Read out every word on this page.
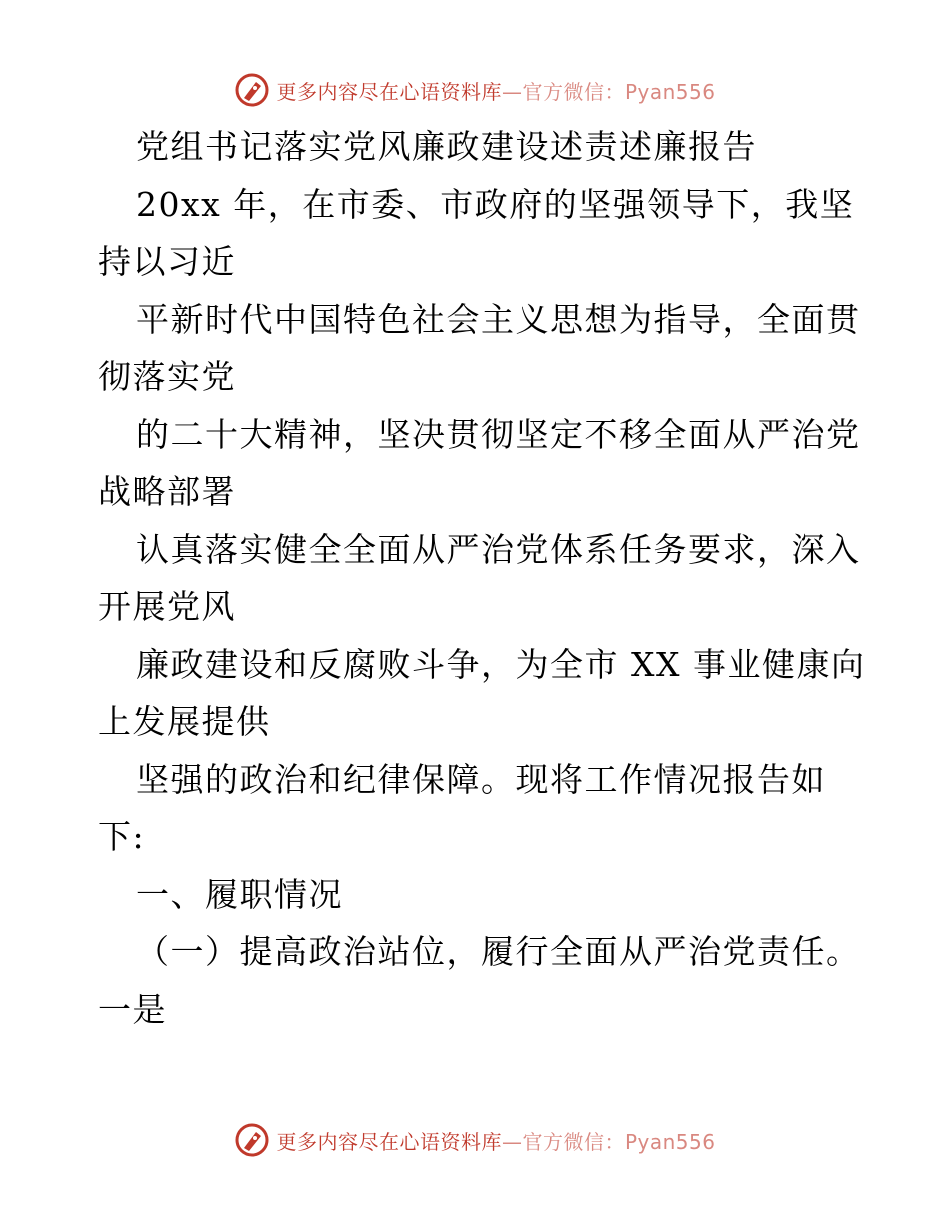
更多内容尽在心语资料库—官方微信：Pyan556
党组书记落实党风廉政建设述责述廉报告
20xx 年，在市委、市政府的坚强领导下，我坚
持以习近
平新时代中国特色社会主义思想为指导，全面贯
彻落实党
的二十大精神，坚决贯彻坚定不移全面从严治党
战略部署
认真落实健全全面从严治党体系任务要求，深入
开展党风
廉政建设和反腐败斗争，为全市 XX 事业健康向
上发展提供
坚强的政治和纪律保障。现将工作情况报告如
下:
一、履职情况
（一）提高政治站位，履行全面从严治党责任。
一是
更多内容尽在心语资料库—官方微信：Pyan556
